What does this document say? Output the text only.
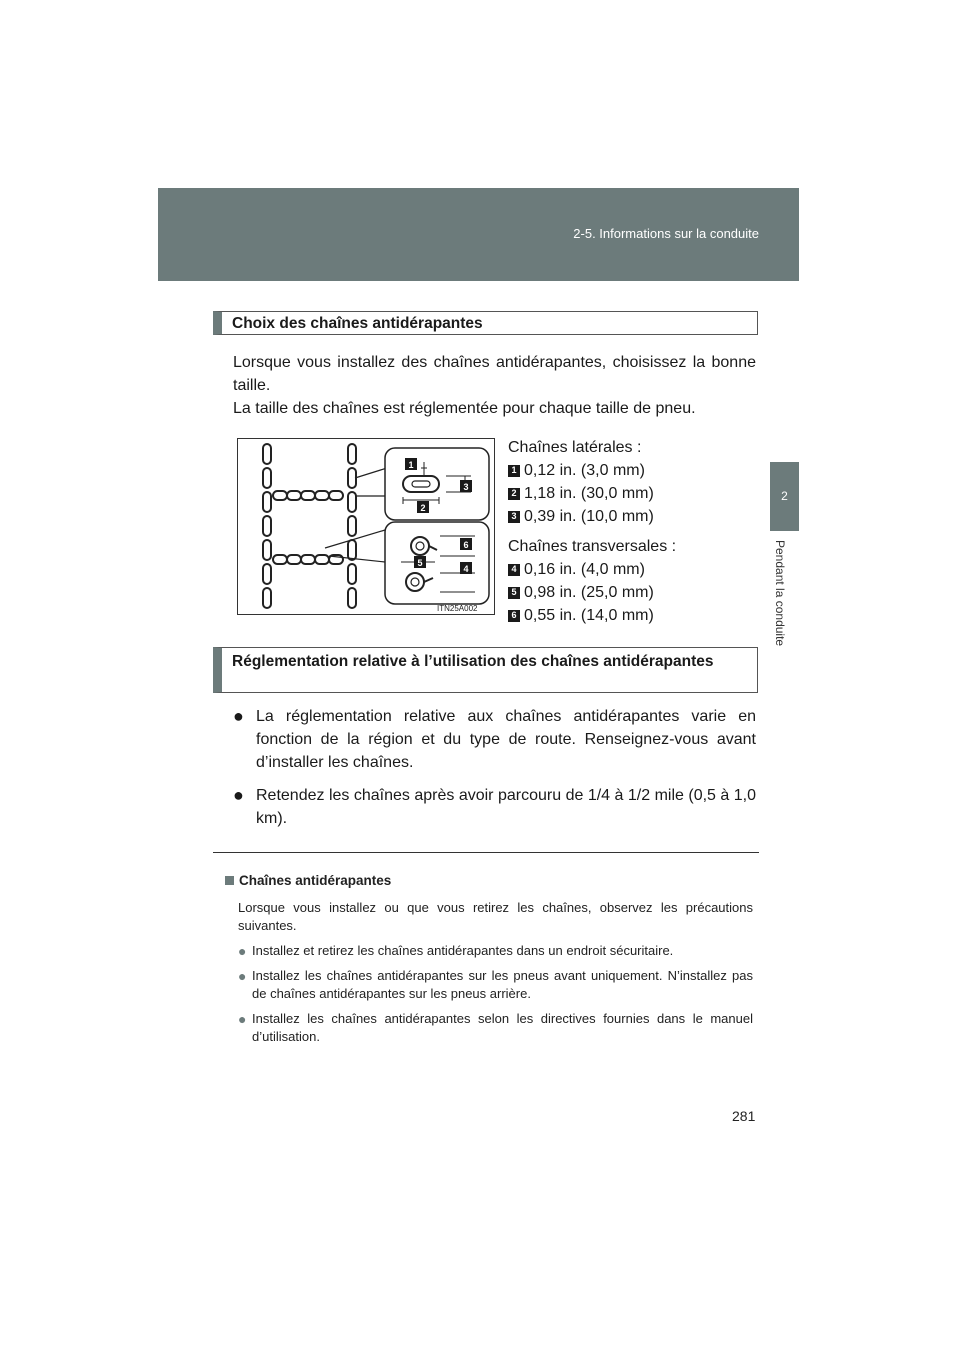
2-5. Informations sur la conduite
2
Pendant la conduite
Choix des chaînes antidérapantes
Lorsque vous installez des chaînes antidérapantes, choisissez la bonne taille.
La taille des chaînes est réglementée pour chaque taille de pneu.
1
2
3
6
5
4
ITN25A002
Chaînes latérales :
1 0,12 in. (3,0 mm)
2 1,18 in. (30,0 mm)
3 0,39 in. (10,0 mm)
Chaînes transversales :
4 0,16 in. (4,0 mm)
5 0,98 in. (25,0 mm)
6 0,55 in. (14,0 mm)
Réglementation relative à l’utilisation des chaînes antidérapantes
● La réglementation relative aux chaînes antidérapantes varie en fonction de la région et du type de route. Renseignez-vous avant d’installer les chaînes.
● Retendez les chaînes après avoir parcouru de 1/4 à 1/2 mile (0,5 à 1,0 km).
Chaînes antidérapantes
Lorsque vous installez ou que vous retirez les chaînes, observez les précautions suivantes.
● Installez et retirez les chaînes antidérapantes dans un endroit sécuritaire.
● Installez les chaînes antidérapantes sur les pneus avant uniquement. N’installez pas de chaînes antidérapantes sur les pneus arrière.
● Installez les chaînes antidérapantes selon les directives fournies dans le manuel d’utilisation.
281
